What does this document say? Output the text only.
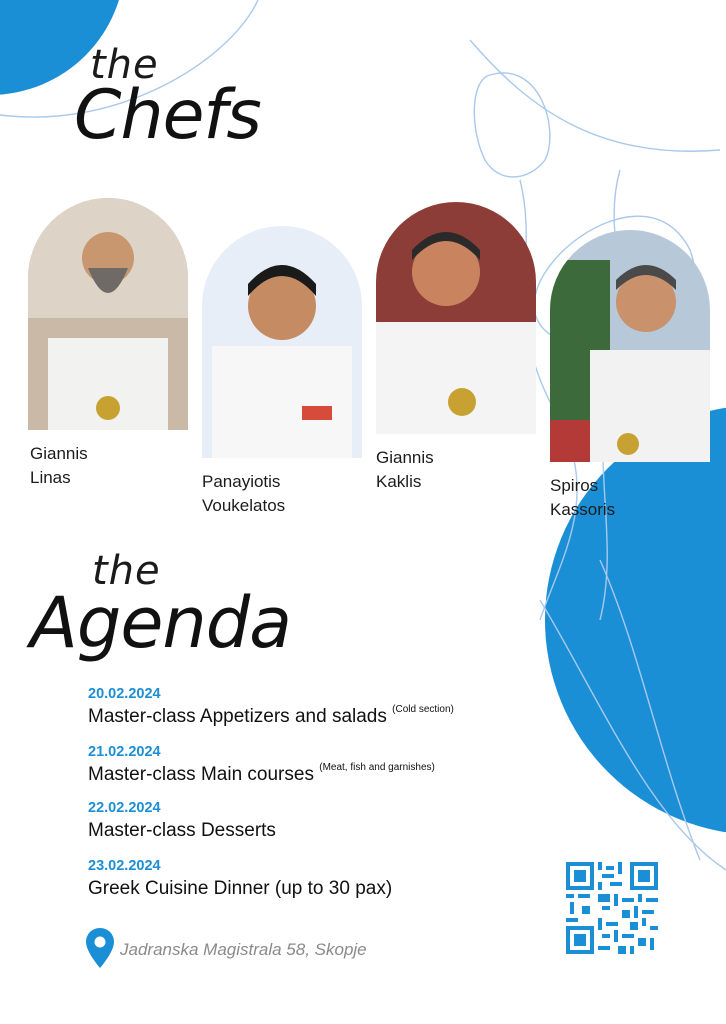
the
Chefs
Giannis
Linas	Panayiotis
Voukelatos
Giannis
Kaklis	Spiros
Kassoris
the
Agenda
20.02.2024
Master-class Appetizers and salads $^{(Cold section)}$
21.02.2024
Master-class Main courses $^{(Meat, fish and garnishes)}$
22.02.2024
Master-class Desserts
23.02.2024
Greek Cuisine Dinner (up to 30 pax)
Jadranska Magistrala 58, Skopje
